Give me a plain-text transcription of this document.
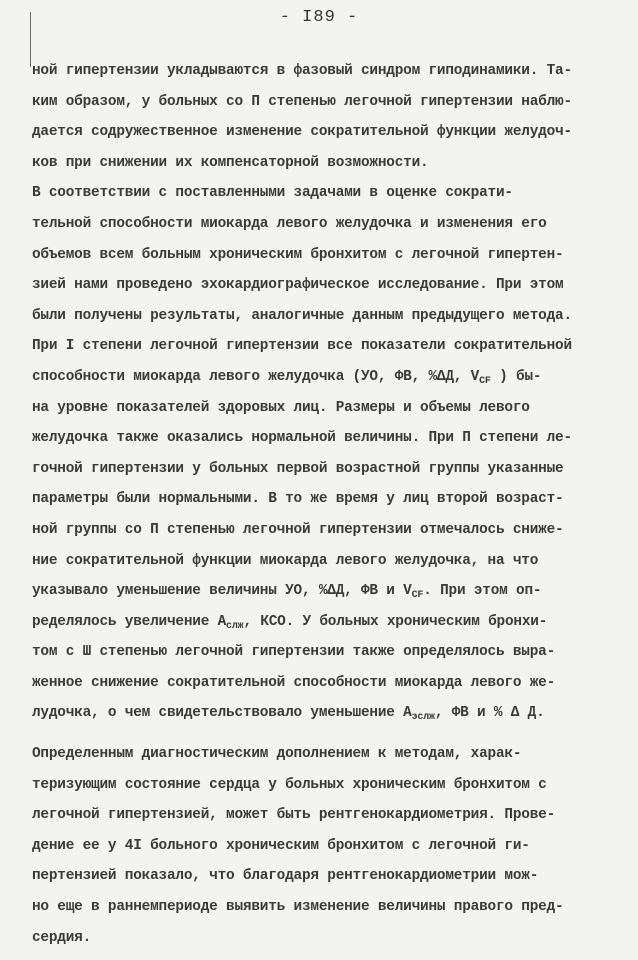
- I89 -
ной гипертензии укладываются в фазовый синдром гиподинамики. Та-
ким образом, у больных со П степенью легочной гипертензии наблю-
дается содружественное изменение сократительной функции желудоч-
ков при снижении их компенсаторной возможности.
В соответствии с поставленными задачами в оценке сократи-
тельной способности миокарда левого желудочка и изменения его
объемов всем больным хроническим бронхитом с легочной гипертен-
зией нами проведено эхокардиографическое исследование. При этом
были получены результаты, аналогичные данным предыдущего метода.
При I степени легочной гипертензии все показатели сократительной
способности миокарда левого желудочка (УО, ФВ, %ΔД, $V_{CF}$ ) бы-
на уровне показателей здоровых лиц. Размеры и объемы левого
желудочка также оказались нормальной величины. При П степени ле-
гочной гипертензии у больных первой возрастной группы указанные
параметры были нормальными. В то же время у лиц второй возраст-
ной группы со П степенью легочной гипертензии отмечалось сниже-
ние сократительной функции миокарда левого желудочка, на что
указывало уменьшение величины УО, %ΔД, ФВ и $V_{CF}$. При этом оп-
ределялось увеличение $А_{слж}$, КСО. У больных хроническим бронхи-
том с Ш степенью легочной гипертензии также определялось выра-
женное снижение сократительной способности миокарда левого же-
лудочка, о чем свидетельствовало уменьшение $А_{эслж}$, ФВ и % Δ Д.
Определенным диагностическим дополнением к методам, харак-
теризующим состояние сердца у больных хроническим бронхитом с
легочной гипертензией, может быть рентгенокардиометрия. Прове-
дение ее у 4I больного хроническим бронхитом с легочной ги-
пертензией показало, что благодаря рентгенокардиометрии мож-
но еще в раннемпериоде выявить изменение величины правого пред-
сердия.
